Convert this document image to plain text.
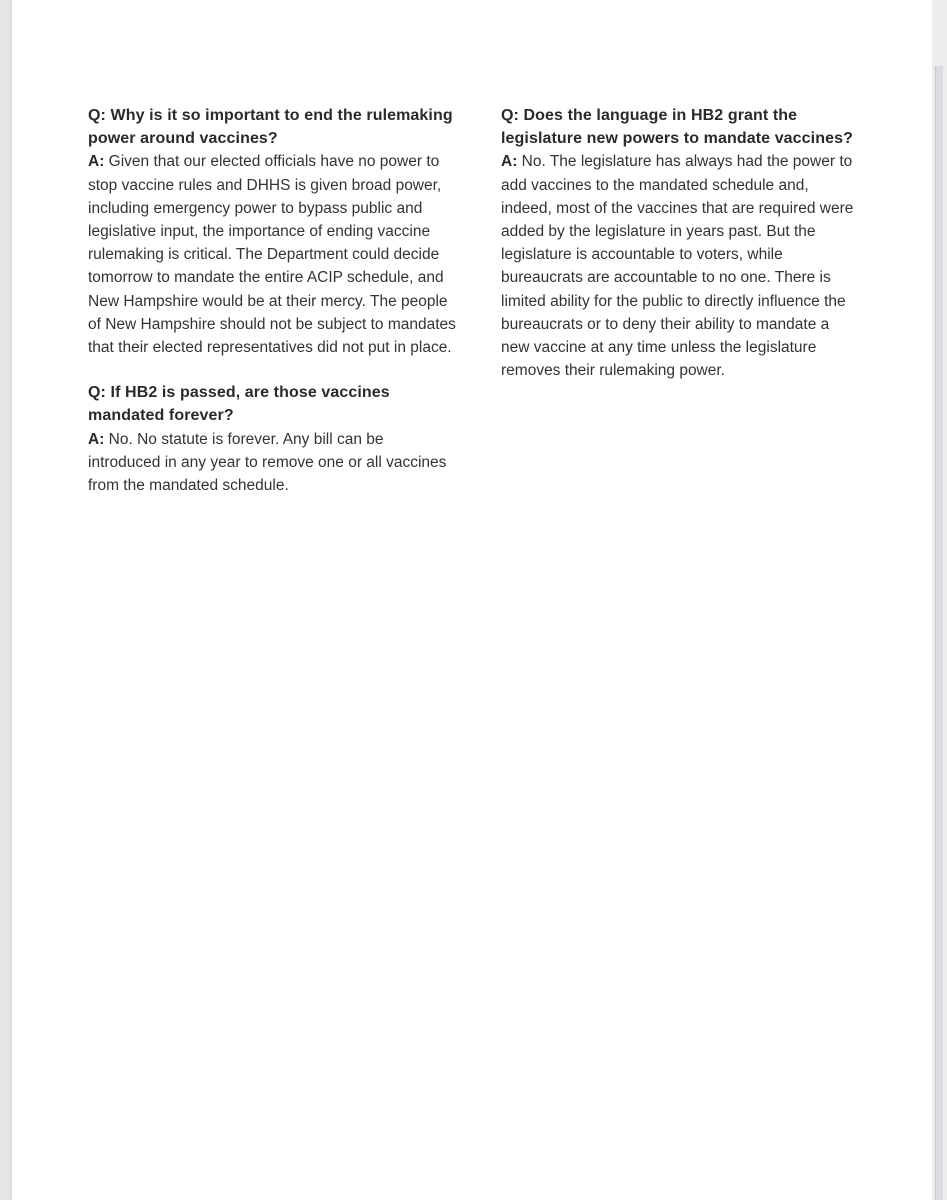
Q: Why is it so important to end the rulemaking power around vaccines?
A: Given that our elected officials have no power to stop vaccine rules and DHHS is given broad power, including emergency power to bypass public and legislative input, the importance of ending vaccine rulemaking is critical. The Department could decide tomorrow to mandate the entire ACIP schedule, and New Hampshire would be at their mercy. The people of New Hampshire should not be subject to mandates that their elected representatives did not put in place.
Q: If HB2 is passed, are those vaccines mandated forever?
A: No. No statute is forever. Any bill can be introduced in any year to remove one or all vaccines from the mandated schedule.
Q: Does the language in HB2 grant the legislature new powers to mandate vaccines?
A: No. The legislature has always had the power to add vaccines to the mandated schedule and, indeed, most of the vaccines that are required were added by the legislature in years past. But the legislature is accountable to voters, while bureaucrats are accountable to no one. There is limited ability for the public to directly influence the bureaucrats or to deny their ability to mandate a new vaccine at any time unless the legislature removes their rulemaking power.
